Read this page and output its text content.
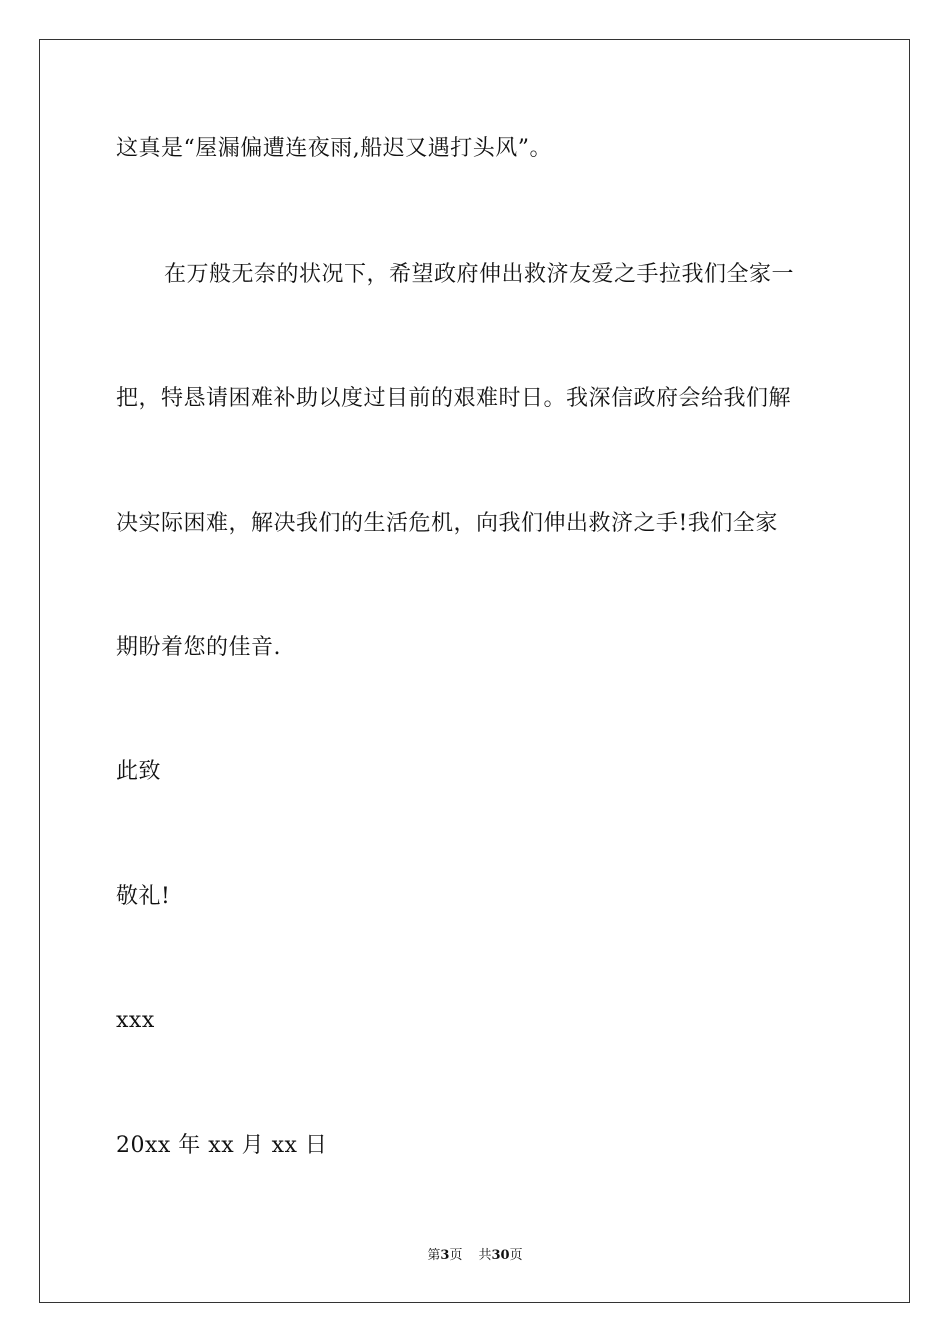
这真是“屋漏偏遭连夜雨,船迟又遇打头风”。
在万般无奈的状况下，希望政府伸出救济友爱之手拉我们全家一
把，特恳请困难补助以度过目前的艰难时日。我深信政府会给我们解
决实际困难，解决我们的生活危机，向我们伸出救济之手!我们全家
期盼着您的佳音.
此致
敬礼!
xxx
20xx 年 xx 月 xx 日
第3页 共30页
